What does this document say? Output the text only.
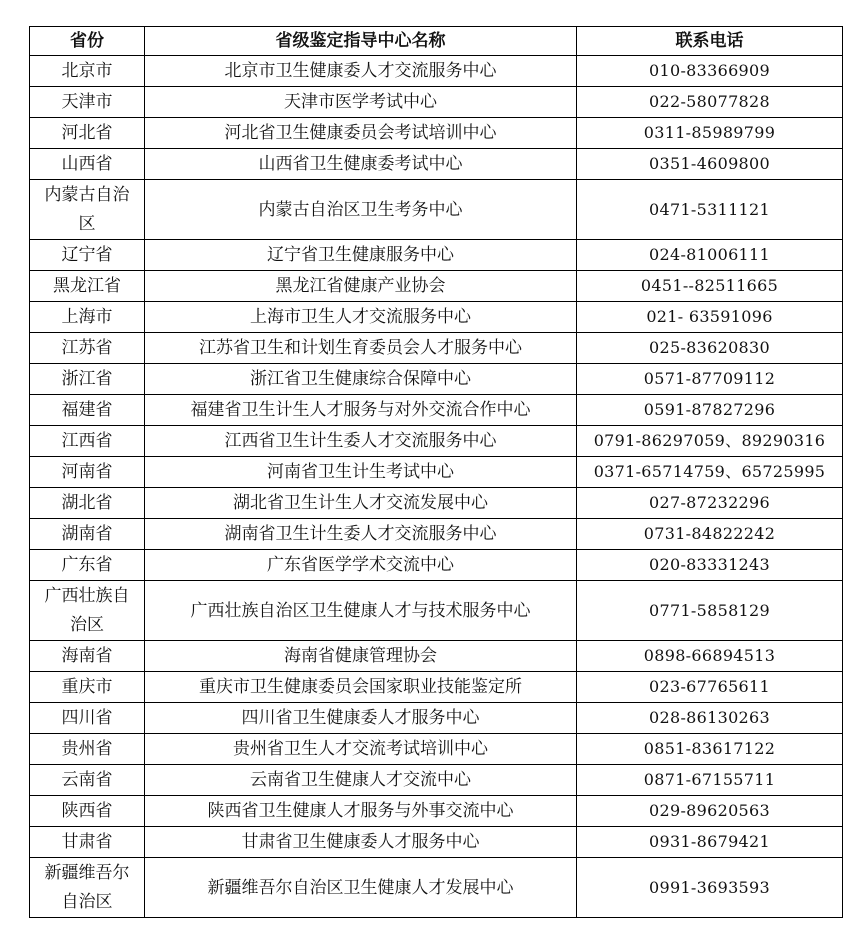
省份	省级鉴定指导中心名称	联系电话
北京市	北京市卫生健康委人才交流服务中心	010-83366909
天津市	天津市医学考试中心	022-58077828
河北省	河北省卫生健康委员会考试培训中心	0311-85989799
山西省	山西省卫生健康委考试中心	0351-4609800
内蒙古自治区	内蒙古自治区卫生考务中心	0471-5311121
辽宁省	辽宁省卫生健康服务中心	024-81006111
黑龙江省	黑龙江省健康产业协会	0451--82511665
上海市	上海市卫生人才交流服务中心	021- 63591096
江苏省	江苏省卫生和计划生育委员会人才服务中心	025-83620830
浙江省	浙江省卫生健康综合保障中心	0571-87709112
福建省	福建省卫生计生人才服务与对外交流合作中心	0591-87827296
江西省	江西省卫生计生委人才交流服务中心	0791-86297059、89290316
河南省	河南省卫生计生考试中心	0371-65714759、65725995
湖北省	湖北省卫生计生人才交流发展中心	027-87232296
湖南省	湖南省卫生计生委人才交流服务中心	0731-84822242
广东省	广东省医学学术交流中心	020-83331243
广西壮族自治区	广西壮族自治区卫生健康人才与技术服务中心	0771-5858129
海南省	海南省健康管理协会	0898-66894513
重庆市	重庆市卫生健康委员会国家职业技能鉴定所	023-67765611
四川省	四川省卫生健康委人才服务中心	028-86130263
贵州省	贵州省卫生人才交流考试培训中心	0851-83617122
云南省	云南省卫生健康人才交流中心	0871-67155711
陕西省	陕西省卫生健康人才服务与外事交流中心	029-89620563
甘肃省	甘肃省卫生健康委人才服务中心	0931-8679421
新疆维吾尔自治区	新疆维吾尔自治区卫生健康人才发展中心	0991-3693593
